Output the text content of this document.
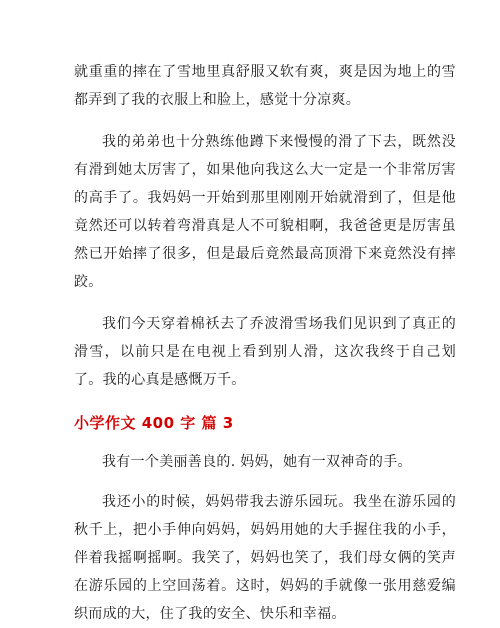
就重重的摔在了雪地里真舒服又软有爽，爽是因为地上的雪都弄到了我的衣服上和脸上，感觉十分凉爽。

我的弟弟也十分熟练他蹲下来慢慢的滑了下去，既然没有滑到她太厉害了，如果他向我这么大一定是一个非常厉害的高手了。我妈妈一开始到那里刚刚开始就滑到了，但是他竟然还可以转着弯滑真是人不可貌相啊，我爸爸更是厉害虽然已开始摔了很多，但是最后竟然最高顶滑下来竟然没有摔跤。

我们今天穿着棉袄去了乔波滑雪场我们见识到了真正的滑雪，以前只是在电视上看到别人滑，这次我终于自己划了。我的心真是感慨万千。

小学作文 400 字 篇 3

我有一个美丽善良的. 妈妈，她有一双神奇的手。

我还小的时候，妈妈带我去游乐园玩。我坐在游乐园的秋千上，把小手伸向妈妈，妈妈用她的大手握住我的小手，伴着我摇啊摇啊。我笑了，妈妈也笑了，我们母女俩的笑声在游乐园的上空回荡着。这时，妈妈的手就像一张用慈爱编织而成的大，住了我的安全、快乐和幸福。
